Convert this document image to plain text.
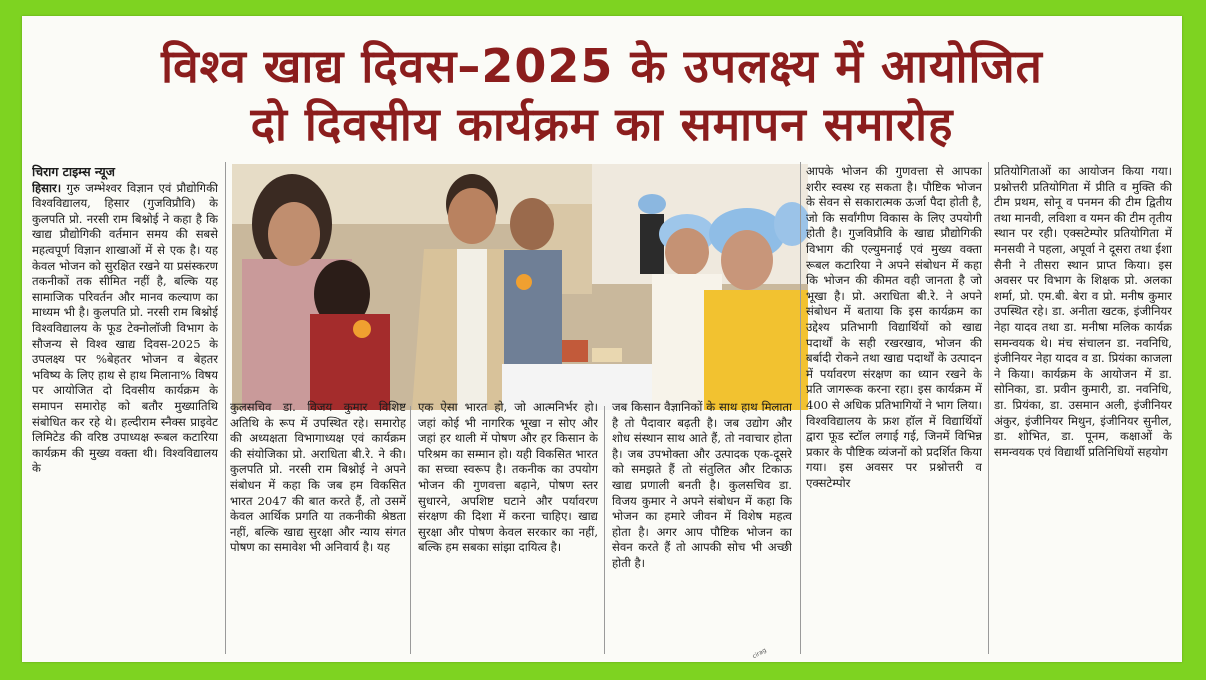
विश्व खाद्य दिवस–2025 के उपलक्ष्य में आयोजित
दो दिवसीय कार्यक्रम का समापन समारोह

चिराग टाइम्स न्यूज

हिसार। गुरु जम्भेश्वर विज्ञान एवं प्रौद्योगिकी विश्वविद्यालय, हिसार (गुजविप्रौवि) के कुलपति प्रो. नरसी राम बिश्नोई ने कहा है कि खाद्य प्रौद्योगिकी वर्तमान समय की सबसे महत्वपूर्ण विज्ञान शाखाओं में से एक है। यह केवल भोजन को सुरक्षित रखने या प्रसंस्करण तकनीकों तक सीमित नहीं है, बल्कि यह सामाजिक परिवर्तन और मानव कल्याण का माध्यम भी है। कुलपति प्रो. नरसी राम बिश्नोई विश्वविद्यालय के फूड टेक्नोलॉजी विभाग के सौजन्य से विश्व खाद्य दिवस-2025 के उपलक्ष्य पर %बेहतर भोजन व बेहतर भविष्य के लिए हाथ से हाथ मिलाना% विषय पर आयोजित दो दिवसीय कार्यक्रम के समापन समारोह को बतौर मुख्यातिथि संबोधित कर रहे थे। हल्दीराम स्नैक्स प्राइवेट लिमिटेड की वरिष्ठ उपाध्यक्ष रूबल कटारिया कार्यक्रम की मुख्य वक्ता थी। विश्वविद्यालय के

कुलसचिव डा. विजय कुमार विशिष्ट अतिथि के रूप में उपस्थित रहे। समारोह की अध्यक्षता विभागाध्यक्ष एवं कार्यक्रम की संयोजिका प्रो. अराधिता बी.रे. ने की। कुलपति प्रो. नरसी राम बिश्नोई ने अपने संबोधन में कहा कि जब हम विकसित भारत 2047 की बात करते हैं, तो उसमें केवल आर्थिक प्रगति या तकनीकी श्रेष्ठता नहीं, बल्कि खाद्य सुरक्षा और न्याय संगत पोषण का समावेश भी अनिवार्य है। यह

एक ऐसा भारत हो, जो आत्मनिर्भर हो। जहां कोई भी नागरिक भूखा न सोए और जहां हर थाली में पोषण और हर किसान के परिश्रम का सम्मान हो। यही विकसित भारत का सच्चा स्वरूप है। तकनीक का उपयोग भोजन की गुणवत्ता बढ़ाने, पोषण स्तर सुधारने, अपशिष्ट घटाने और पर्यावरण संरक्षण की दिशा में करना चाहिए। खाद्य सुरक्षा और पोषण केवल सरकार का नहीं, बल्कि हम सबका सांझा दायित्व है।

जब किसान वैज्ञानिकों के साथ हाथ मिलाता है तो पैदावार बढ़ती है। जब उद्योग और शोध संस्थान साथ आते हैं, तो नवाचार होता है। जब उपभोक्ता और उत्पादक एक-दूसरे को समझते हैं तो संतुलित और टिकाऊ खाद्य प्रणाली बनती है। कुलसचिव डा. विजय कुमार ने अपने संबोधन में कहा कि भोजन का हमारे जीवन में विशेष महत्व होता है। अगर आप पौष्टिक भोजन का सेवन करते हैं तो आपकी सोच भी अच्छी होती है।

आपके भोजन की गुणवत्ता से आपका शरीर स्वस्थ रह सकता है। पौष्टिक भोजन के सेवन से सकारात्मक ऊर्जा पैदा होती है, जो कि सर्वांगीण विकास के लिए उपयोगी होती है। गुजविप्रौवि के खाद्य प्रौद्योगिकी विभाग की एल्युमनाई एवं मुख्य वक्ता रूबल कटारिया ने अपने संबोधन में कहा कि भोजन की कीमत वही जानता है जो भूखा है। प्रो. अराधिता बी.रे. ने अपने संबोधन में बताया कि इस कार्यक्रम का उद्देश्य प्रतिभागी विद्यार्थियों को खाद्य पदार्थों के सही रखरखाव, भोजन की बर्बादी रोकने तथा खाद्य पदार्थों के उत्पादन में पर्यावरण संरक्षण का ध्यान रखने के प्रति जागरूक करना रहा। इस कार्यक्रम में 400 से अधिक प्रतिभागियों ने भाग लिया। विश्वविद्यालय के फ्रश हॉल में विद्यार्थियों द्वारा फूड स्टॉल लगाई गई, जिनमें विभिन्न प्रकार के पौष्टिक व्यंजनों को प्रदर्शित किया गया। इस अवसर पर प्रश्नोत्तरी व एक्सटेम्पोर

प्रतियोगिताओं का आयोजन किया गया। प्रश्नोत्तरी प्रतियोगिता में प्रीति व मुक्ति की टीम प्रथम, सोनू व पनमन की टीम द्वितीय तथा मानवी, लविशा व यमन की टीम तृतीय स्थान पर रही। एक्सटेम्पोर प्रतियोगिता में मनसवी ने पहला, अपूर्वा ने दूसरा तथा ईशा सैनी ने तीसरा स्थान प्राप्त किया। इस अवसर पर विभाग के शिक्षक प्रो. अलका शर्मा, प्रो. एम.बी. बेरा व प्रो. मनीष कुमार उपस्थित रहे। डा. अनीता खटक, इंजीनियर नेहा यादव तथा डा. मनीषा मलिक कार्यक्र समन्वयक थे। मंच संचालन डा. नवनिधि, इंजीनियर नेहा यादव व डा. प्रियंका काजला ने किया। कार्यक्रम के आयोजन में डा. सोनिका, डा. प्रवीन कुमारी, डा. नवनिधि, डा. प्रियंका, डा. उसमान अली, इंजीनियर अंकुर, इंजीनियर मिथुन, इंजीनियर सुनील, डा. शोभित, डा. पूनम, कक्षाओं के समन्वयक एवं विद्यार्थी प्रतिनिधियों सहयोग

cirag
